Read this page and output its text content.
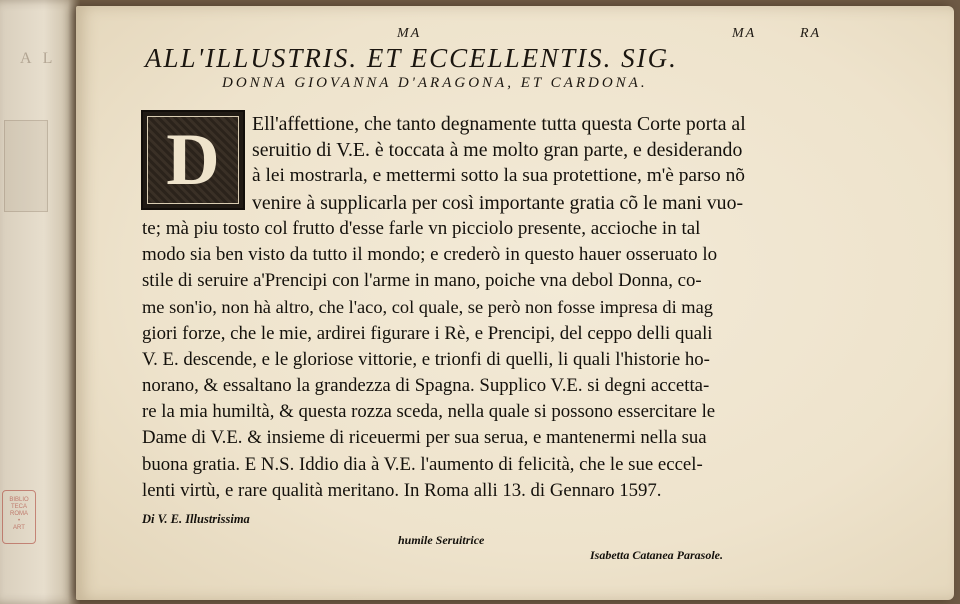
A L
BIBLIO
TECA
ROMA
•
ART
MA	MA	RA
ALL'ILLUSTRIS. ET ECCELLENTIS. SIG.
DONNA GIOVANNA D'ARAGONA, ET CARDONA.
D Ell'affettione, che tanto degnamente tutta questa Corte porta al
seruitio di V.E. è toccata à me molto gran parte, e desiderando
à lei mostrarla, e mettermi sotto la sua protettione, m'è parso nõ
venire à supplicarla per così importante gratia cõ le mani vuo-
te; mà piu tosto col frutto d'esse farle vn picciolo presente, accioche in tal
modo sia ben visto da tutto il mondo; e crederò in questo hauer osseruato lo
stile di seruire a'Prencipi con l'arme in mano, poiche vna debol Donna, co-
me son'io, non hà altro, che l'aco, col quale, se però non fosse impresa di mag
giori forze, che le mie, ardirei figurare i Rè, e Prencipi, del ceppo delli quali
V. E. descende, e le gloriose vittorie, e trionfi di quelli, li quali l'historie ho-
norano, & essaltano la grandezza di Spagna. Supplico V.E. si degni accetta-
re la mia humiltà, & questa rozza sceda, nella quale si possono essercitare le
Dame di V.E. & insieme di riceuermi per sua serua, e mantenermi nella sua
buona gratia. E N.S. Iddio dia à V.E. l'aumento di felicità, che le sue eccel-
lenti virtù, e rare qualità meritano. In Roma alli 13. di Gennaro 1597.
Di V. E. Illustrissima
humile Seruitrice
Isabetta Catanea Parasole.
